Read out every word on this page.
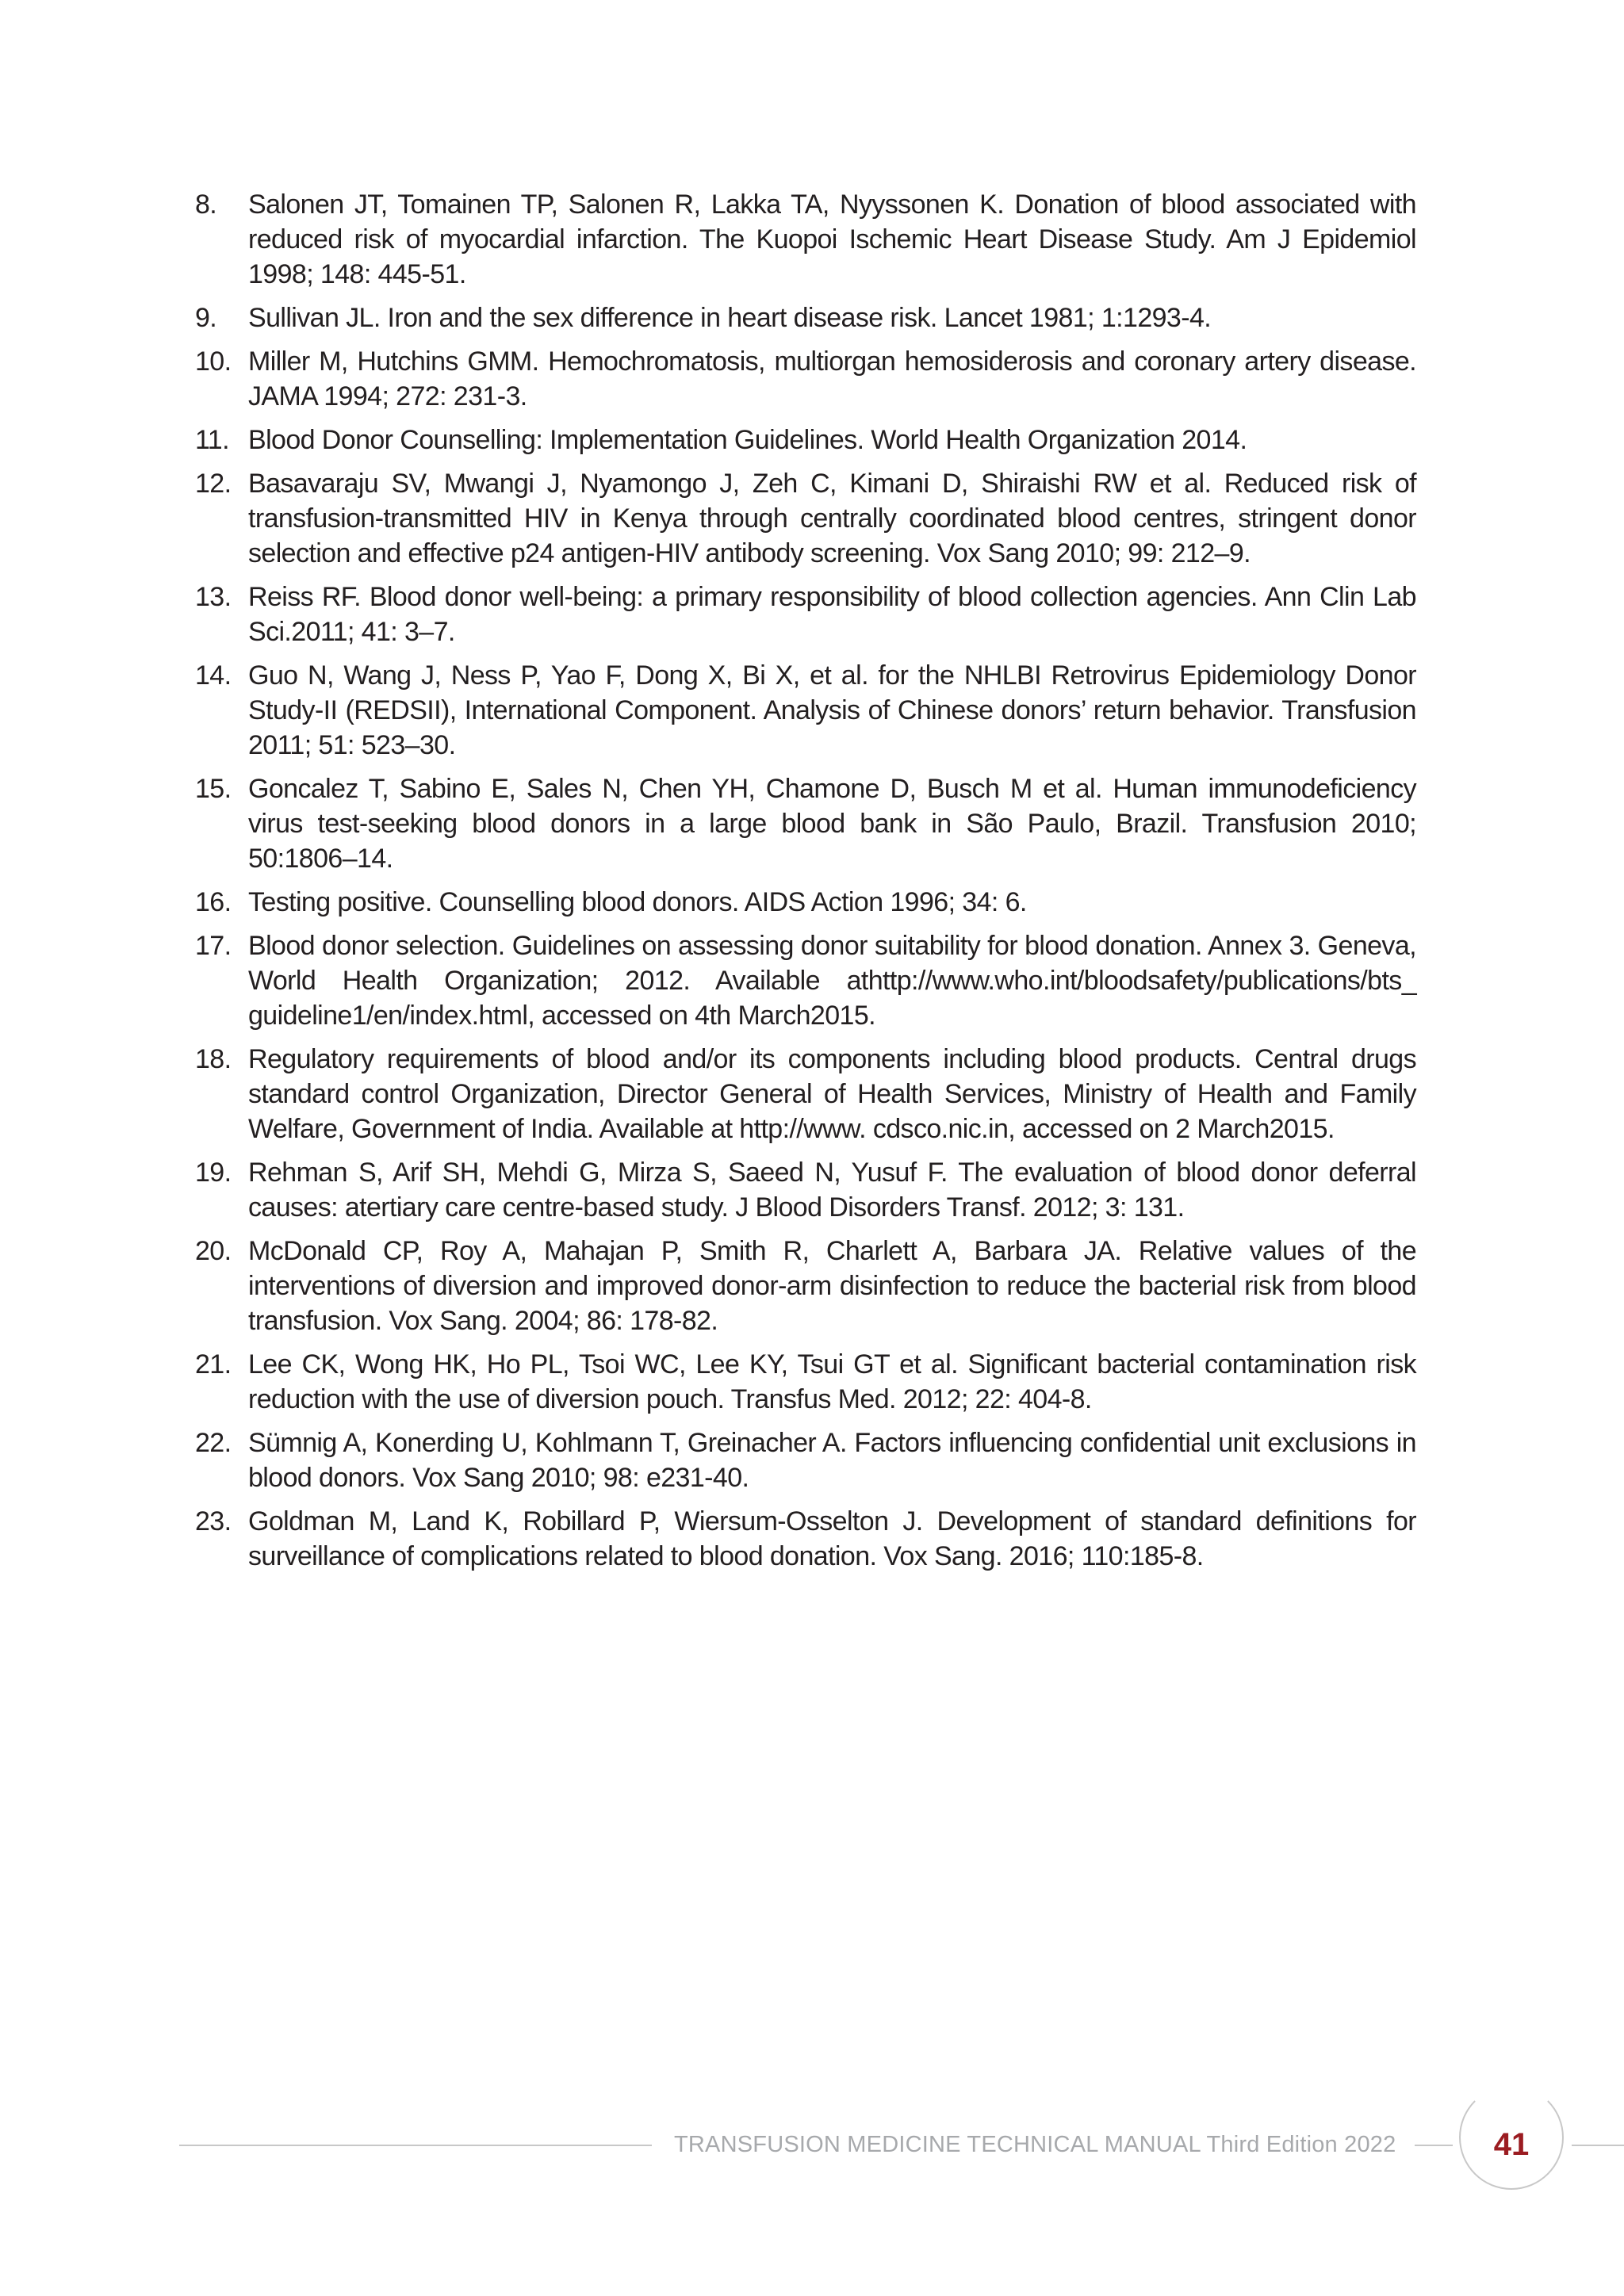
8.	Salonen JT, Tomainen TP, Salonen R, Lakka TA, Nyyssonen K. Donation of blood associated with reduced risk of myocardial infarction. The Kuopoi Ischemic Heart Disease Study. Am J Epidemiol 1998; 148: 445-51.
9.	Sullivan JL. Iron and the sex difference in heart disease risk. Lancet 1981; 1:1293-4.
10. Miller M, Hutchins GMM. Hemochromatosis, multiorgan hemosiderosis and coronary artery disease. JAMA 1994; 272: 231-3.
11. Blood Donor Counselling: Implementation Guidelines. World Health Organization 2014.
12. Basavaraju SV, Mwangi J, Nyamongo J, Zeh C, Kimani D, Shiraishi RW et al. Reduced risk of transfusion-transmitted HIV in Kenya through centrally coordinated blood centres, stringent donor selection and effective p24 antigen-HIV antibody screening. Vox Sang 2010; 99: 212–9.
13. Reiss RF. Blood donor well-being: a primary responsibility of blood collection agencies. Ann Clin Lab Sci.2011; 41: 3–7.
14. Guo N, Wang J, Ness P, Yao F, Dong X, Bi X, et al. for the NHLBI Retrovirus Epidemiology Donor Study-II (REDSII), International Component. Analysis of Chinese donors’ return behavior. Transfusion 2011; 51: 523–30.
15. Goncalez T, Sabino E, Sales N, Chen YH, Chamone D, Busch M et al. Human immunodeficiency virus test-seeking blood donors in a large blood bank in São Paulo, Brazil. Transfusion 2010; 50:1806–14.
16. Testing positive. Counselling blood donors. AIDS Action 1996; 34: 6.
17. Blood donor selection. Guidelines on assessing donor suitability for blood donation. Annex 3. Geneva, World Health Organization; 2012. Available athttp://www.who.int/bloodsafety/publications/bts_ guideline1/en/index.html, accessed on 4th March2015.
18. Regulatory requirements of blood and/or its components including blood products. Central drugs standard control Organization, Director General of Health Services, Ministry of Health and Family Welfare, Government of India. Available at http://www. cdsco.nic.in, accessed on 2 March2015.
19. Rehman S, Arif SH, Mehdi G, Mirza S, Saeed N, Yusuf F. The evaluation of blood donor deferral causes: atertiary care centre-based study. J Blood Disorders Transf. 2012; 3: 131.
20. McDonald CP, Roy A, Mahajan P, Smith R, Charlett A, Barbara JA. Relative values of the interventions of diversion and improved donor-arm disinfection to reduce the bacterial risk from blood transfusion. Vox Sang. 2004; 86: 178-82.
21. Lee CK, Wong HK, Ho PL, Tsoi WC, Lee KY, Tsui GT et al. Significant bacterial contamination risk reduction with the use of diversion pouch. Transfus Med. 2012; 22: 404-8.
22. Sümnig A, Konerding U, Kohlmann T, Greinacher A. Factors influencing confidential unit exclusions in blood donors. Vox Sang 2010; 98: e231-40.
23. Goldman M, Land K, Robillard P, Wiersum-Osselton J. Development of standard definitions for surveillance of complications related to blood donation. Vox Sang. 2016; 110:185-8.
TRANSFUSION MEDICINE TECHNICAL MANUAL Third Edition 2022	41
